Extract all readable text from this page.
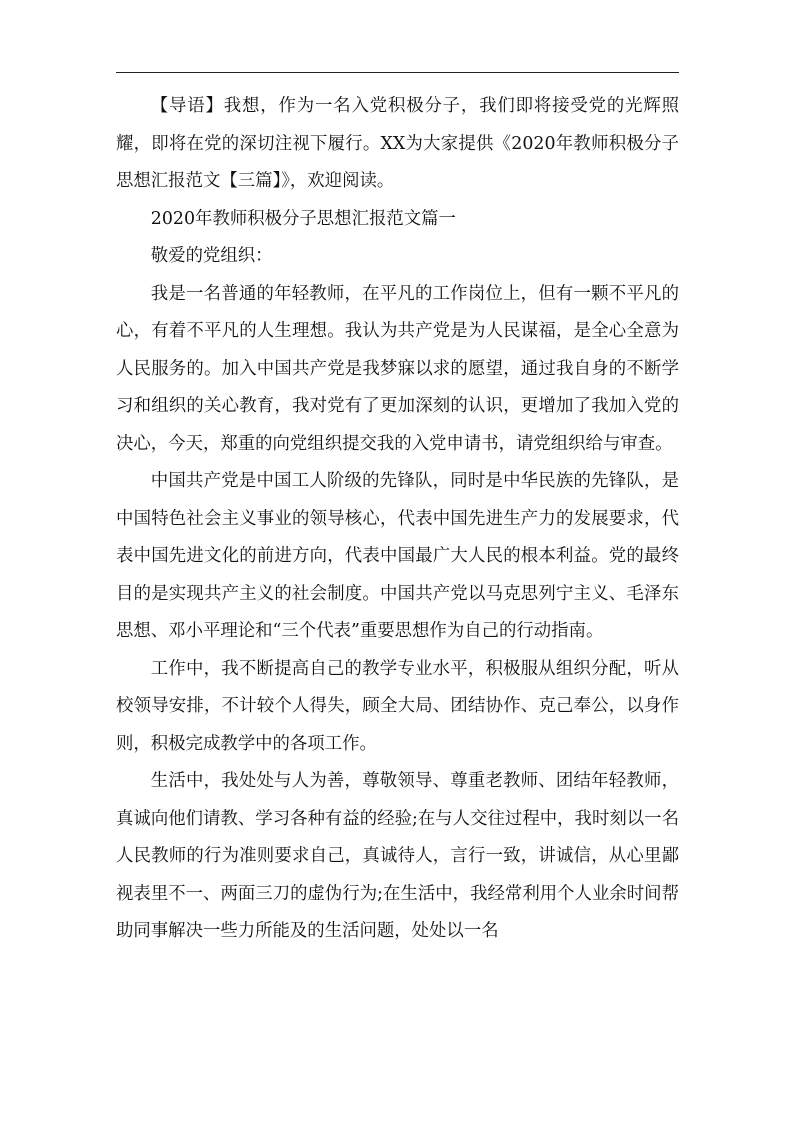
【导语】我想，作为一名入党积极分子，我们即将接受党的光辉照耀，即将在党的深切注视下履行。XX为大家提供《2020年教师积极分子思想汇报范文【三篇】》，欢迎阅读。

2020年教师积极分子思想汇报范文篇一

敬爱的党组织：

我是一名普通的年轻教师，在平凡的工作岗位上，但有一颗不平凡的心，有着不平凡的人生理想。我认为共产党是为人民谋福，是全心全意为人民服务的。加入中国共产党是我梦寐以求的愿望，通过我自身的不断学习和组织的关心教育，我对党有了更加深刻的认识，更增加了我加入党的决心，今天，郑重的向党组织提交我的入党申请书，请党组织给与审查。

中国共产党是中国工人阶级的先锋队，同时是中华民族的先锋队，是中国特色社会主义事业的领导核心，代表中国先进生产力的发展要求，代表中国先进文化的前进方向，代表中国最广大人民的根本利益。党的最终目的是实现共产主义的社会制度。中国共产党以马克思列宁主义、毛泽东思想、邓小平理论和“三个代表”重要思想作为自己的行动指南。

工作中，我不断提高自己的教学专业水平，积极服从组织分配，听从校领导安排，不计较个人得失，顾全大局、团结协作、克己奉公，以身作则，积极完成教学中的各项工作。

生活中，我处处与人为善，尊敬领导、尊重老教师、团结年轻教师，真诚向他们请教、学习各种有益的经验;在与人交往过程中，我时刻以一名人民教师的行为准则要求自己，真诚待人，言行一致，讲诚信，从心里鄙视表里不一、两面三刀的虚伪行为;在生活中，我经常利用个人业余时间帮助同事解决一些力所能及的生活问题，处处以一名
